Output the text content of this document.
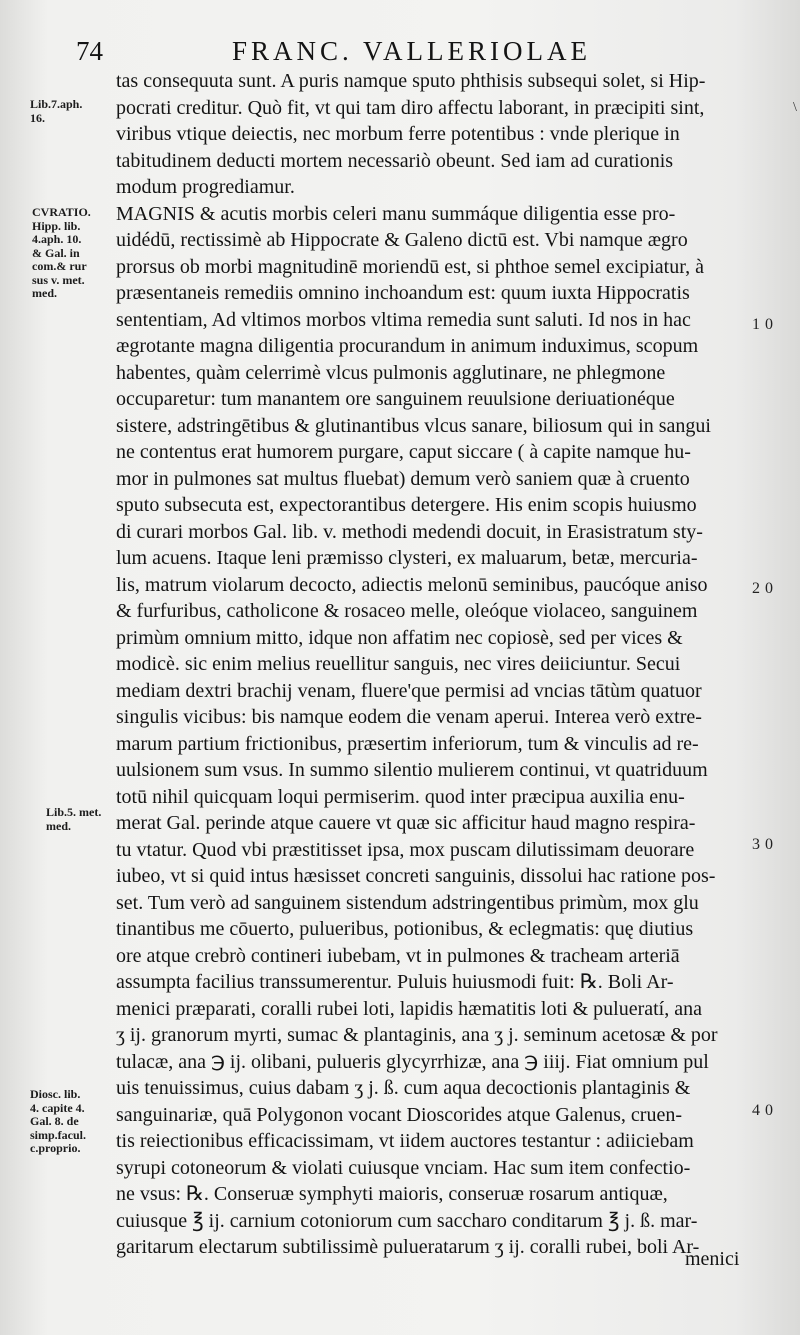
74	FRANC. VALLERIOLAE
tas consequuta sunt. A puris namque sputo phthisis subsequi solet, si Hip-
pocrati creditur. Quò fit, vt qui tam diro affectu laborant, in præcipiti sint,
viribus vtique deiectis, nec morbum ferre potentibus : vnde plerique in
tabitudinem deducti mortem necessariò obeunt. Sed iam ad curationis
modum progrediamur.
MAGNIS & acutis morbis celeri manu summáque diligentia esse pro-
uidédū, rectissimè ab Hippocrate & Galeno dictū est. Vbi namque ægro
prorsus ob morbi magnitudinē moriendū est, si phthoe semel excipiatur, à
præsentaneis remediis omnino inchoandum est: quum iuxta Hippocratis
sententiam, Ad vltimos morbos vltima remedia sunt saluti. Id nos in hac
ægrotante magna diligentia procurandum in animum induximus, scopum
habentes, quàm celerrimè vlcus pulmonis agglutinare, ne phlegmone
occuparetur: tum manantem ore sanguinem reuulsione deriuationéque
sistere, adstringētibus & glutinantibus vlcus sanare, biliosum qui in sangui
ne contentus erat humorem purgare, caput siccare ( à capite namque hu-
mor in pulmones sat multus fluebat) demum verò saniem quæ à cruento
sputo subsecuta est, expectorantibus detergere. His enim scopis huiusmo
di curari morbos Gal. lib. v. methodi medendi docuit, in Erasistratum sty-
lum acuens. Itaque leni præmisso clysteri, ex maluarum, betæ, mercuria-
lis, matrum violarum decocto, adiectis melonū seminibus, paucóque aniso
& furfuribus, catholicone & rosaceo melle, oleóque violaceo, sanguinem
primùm omnium mitto, idque non affatim nec copiosè, sed per vices &
modicè. sic enim melius reuellitur sanguis, nec vires deiiciuntur. Secui
mediam dextri brachij venam, fluere'que permisi ad vncias tātùm quatuor
singulis vicibus: bis namque eodem die venam aperui. Interea verò extre-
marum partium frictionibus, præsertim inferiorum, tum & vinculis ad re-
uulsionem sum vsus. In summo silentio mulierem continui, vt quatriduum
totū nihil quicquam loqui permiserim. quod inter præcipua auxilia enu-
merat Gal. perinde atque cauere vt quæ sic afficitur haud magno respira-
tu vtatur. Quod vbi præstitisset ipsa, mox puscam dilutissimam deuorare
iubeo, vt si quid intus hæsisset concreti sanguinis, dissolui hac ratione pos-
set. Tum verò ad sanguinem sistendum adstringentibus primùm, mox glu
tinantibus me cōuerto, pulueribus, potionibus, & eclegmatis: quę diutius
ore atque crebrò contineri iubebam, vt in pulmones & tracheam arteriā
assumpta facilius transsumerentur. Puluis huiusmodi fuit: ℞. Boli Ar-
menici præparati, coralli rubei loti, lapidis hæmatitis loti & pulueratí, ana
ʒ ij. granorum myrti, sumac & plantaginis, ana ʒ j. seminum acetosæ & por
tulacæ, ana ℈ ij. olibani, pulueris glycyrrhizæ, ana ℈ iiij. Fiat omnium pul
uis tenuissimus, cuius dabam ʒ j. ß. cum aqua decoctionis plantaginis &
sanguinariæ, quā Polygonon vocant Dioscorides atque Galenus, cruen-
tis reiectionibus efficacissimam, vt iidem auctores testantur : adiiciebam
syrupi cotoneorum & violati cuiusque vnciam. Hac sum item confectio-
ne vsus: ℞. Conseruæ symphyti maioris, conseruæ rosarum antiquæ,
cuiusque ℥ ij. carnium cotoniorum cum saccharo conditarum ℥ j. ß. mar-
garitarum electarum subtilissimè pulueratarum ʒ ij. coralli rubei, boli Ar-
menici
Lib.7.aph.
16.
CVRATIO.
Hipp. lib.
4.aph. 10.
& Gal. in
com.& rur
sus v. met.
med.
Lib.5. met.
med.
Diosc. lib.
4. capite 4.
Gal. 8. de
simp.facul.
c.proprio.
10
20
30
40
\
